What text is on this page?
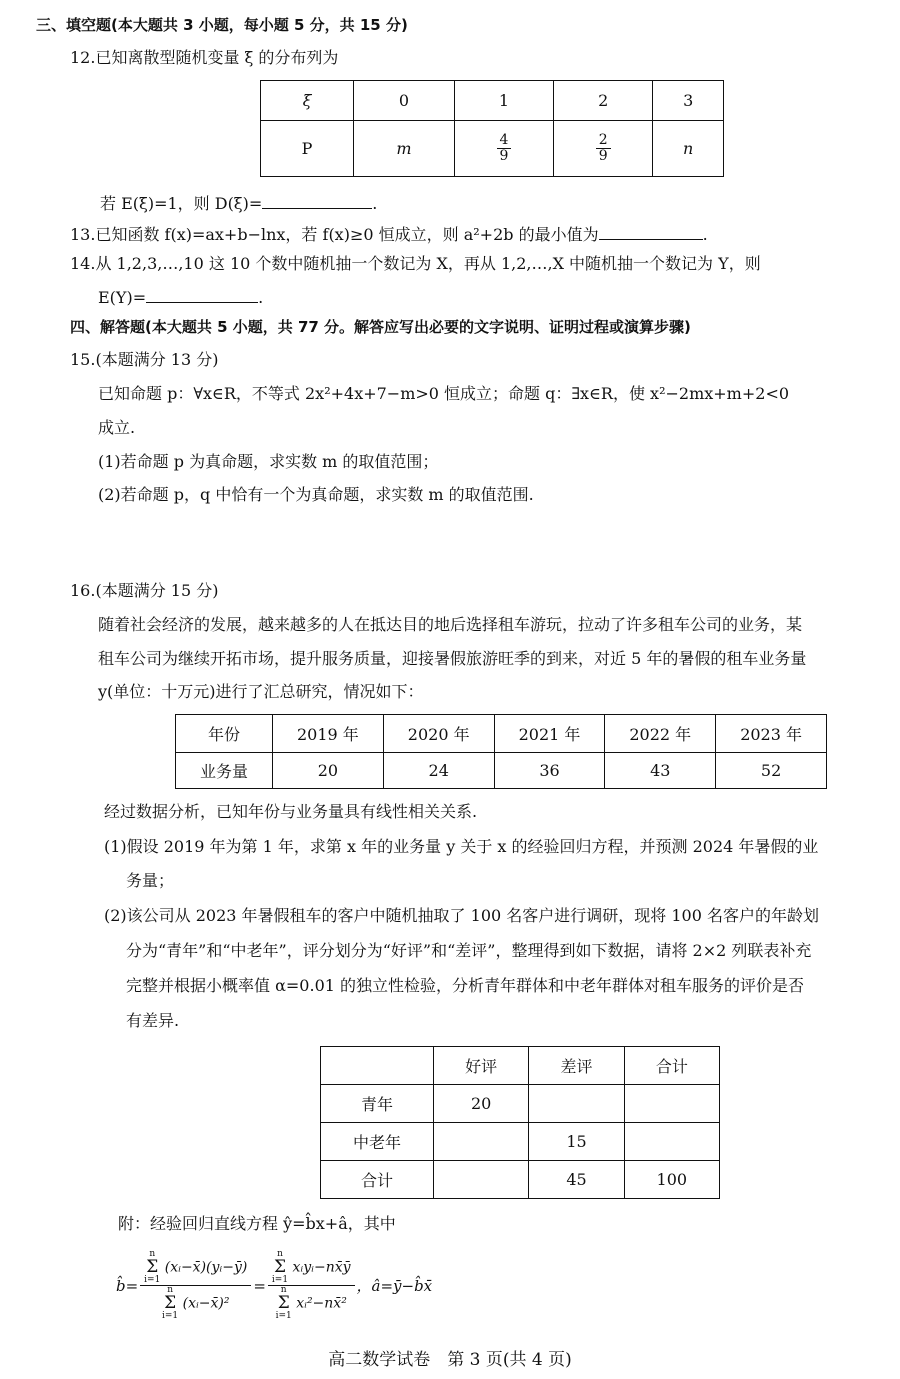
三、填空题(本大题共 3 小题，每小题 5 分，共 15 分)
12.已知离散型随机变量 ξ 的分布列为
ξ	0	1	2	3
P	m	$\frac{4}{9}$	$\frac{2}{9}$	n
若 E(ξ)=1，则 D(ξ)=	.
13.已知函数 f(x)=ax+b−lnx，若 f(x)≥0 恒成立，则 a²+2b 的最小值为	.
14.从 1,2,3,…,10 这 10 个数中随机抽一个数记为 X，再从 1,2,…,X 中随机抽一个数记为 Y，则
E(Y)=	.
四、解答题(本大题共 5 小题，共 77 分。解答应写出必要的文字说明、证明过程或演算步骤)
15.(本题满分 13 分)
已知命题 p：∀x∈R，不等式 2x²+4x+7−m>0 恒成立；命题 q：∃x∈R，使 x²−2mx+m+2<0
成立.
(1)若命题 p 为真命题，求实数 m 的取值范围；
(2)若命题 p，q 中恰有一个为真命题，求实数 m 的取值范围.
16.(本题满分 15 分)
随着社会经济的发展，越来越多的人在抵达目的地后选择租车游玩，拉动了许多租车公司的业务，某
租车公司为继续开拓市场，提升服务质量，迎接暑假旅游旺季的到来，对近 5 年的暑假的租车业务量
y(单位：十万元)进行了汇总研究，情况如下：
年份	2019 年	2020 年	2021 年	2022 年	2023 年
业务量	20	24	36	43	52
经过数据分析，已知年份与业务量具有线性相关关系.
(1)假设 2019 年为第 1 年，求第 x 年的业务量 y 关于 x 的经验回归方程，并预测 2024 年暑假的业
务量；
(2)该公司从 2023 年暑假租车的客户中随机抽取了 100 名客户进行调研，现将 100 名客户的年龄划
分为“青年”和“中老年”，评分划分为“好评”和“差评”，整理得到如下数据，请将 2×2 列联表补充
完整并根据小概率值 α=0.01 的独立性检验，分析青年群体和中老年群体对租车服务的评价是否
有差异.
	好评	差评	合计
青年	20		
中老年		15	
合计		45	100
附：经验回归直线方程 ŷ=b̂x+â，其中
b̂= n
Σ
i=1
(xᵢ−x̄)(yᵢ−ȳ)
n
Σ
i=1
(xᵢ−x̄)² = n
Σ
i=1
xᵢyᵢ−nx̄ȳ
n
Σ
i=1
xᵢ²−nx̄² ，â=ȳ−b̂x̄
高二数学试卷　第 3 页(共 4 页)
